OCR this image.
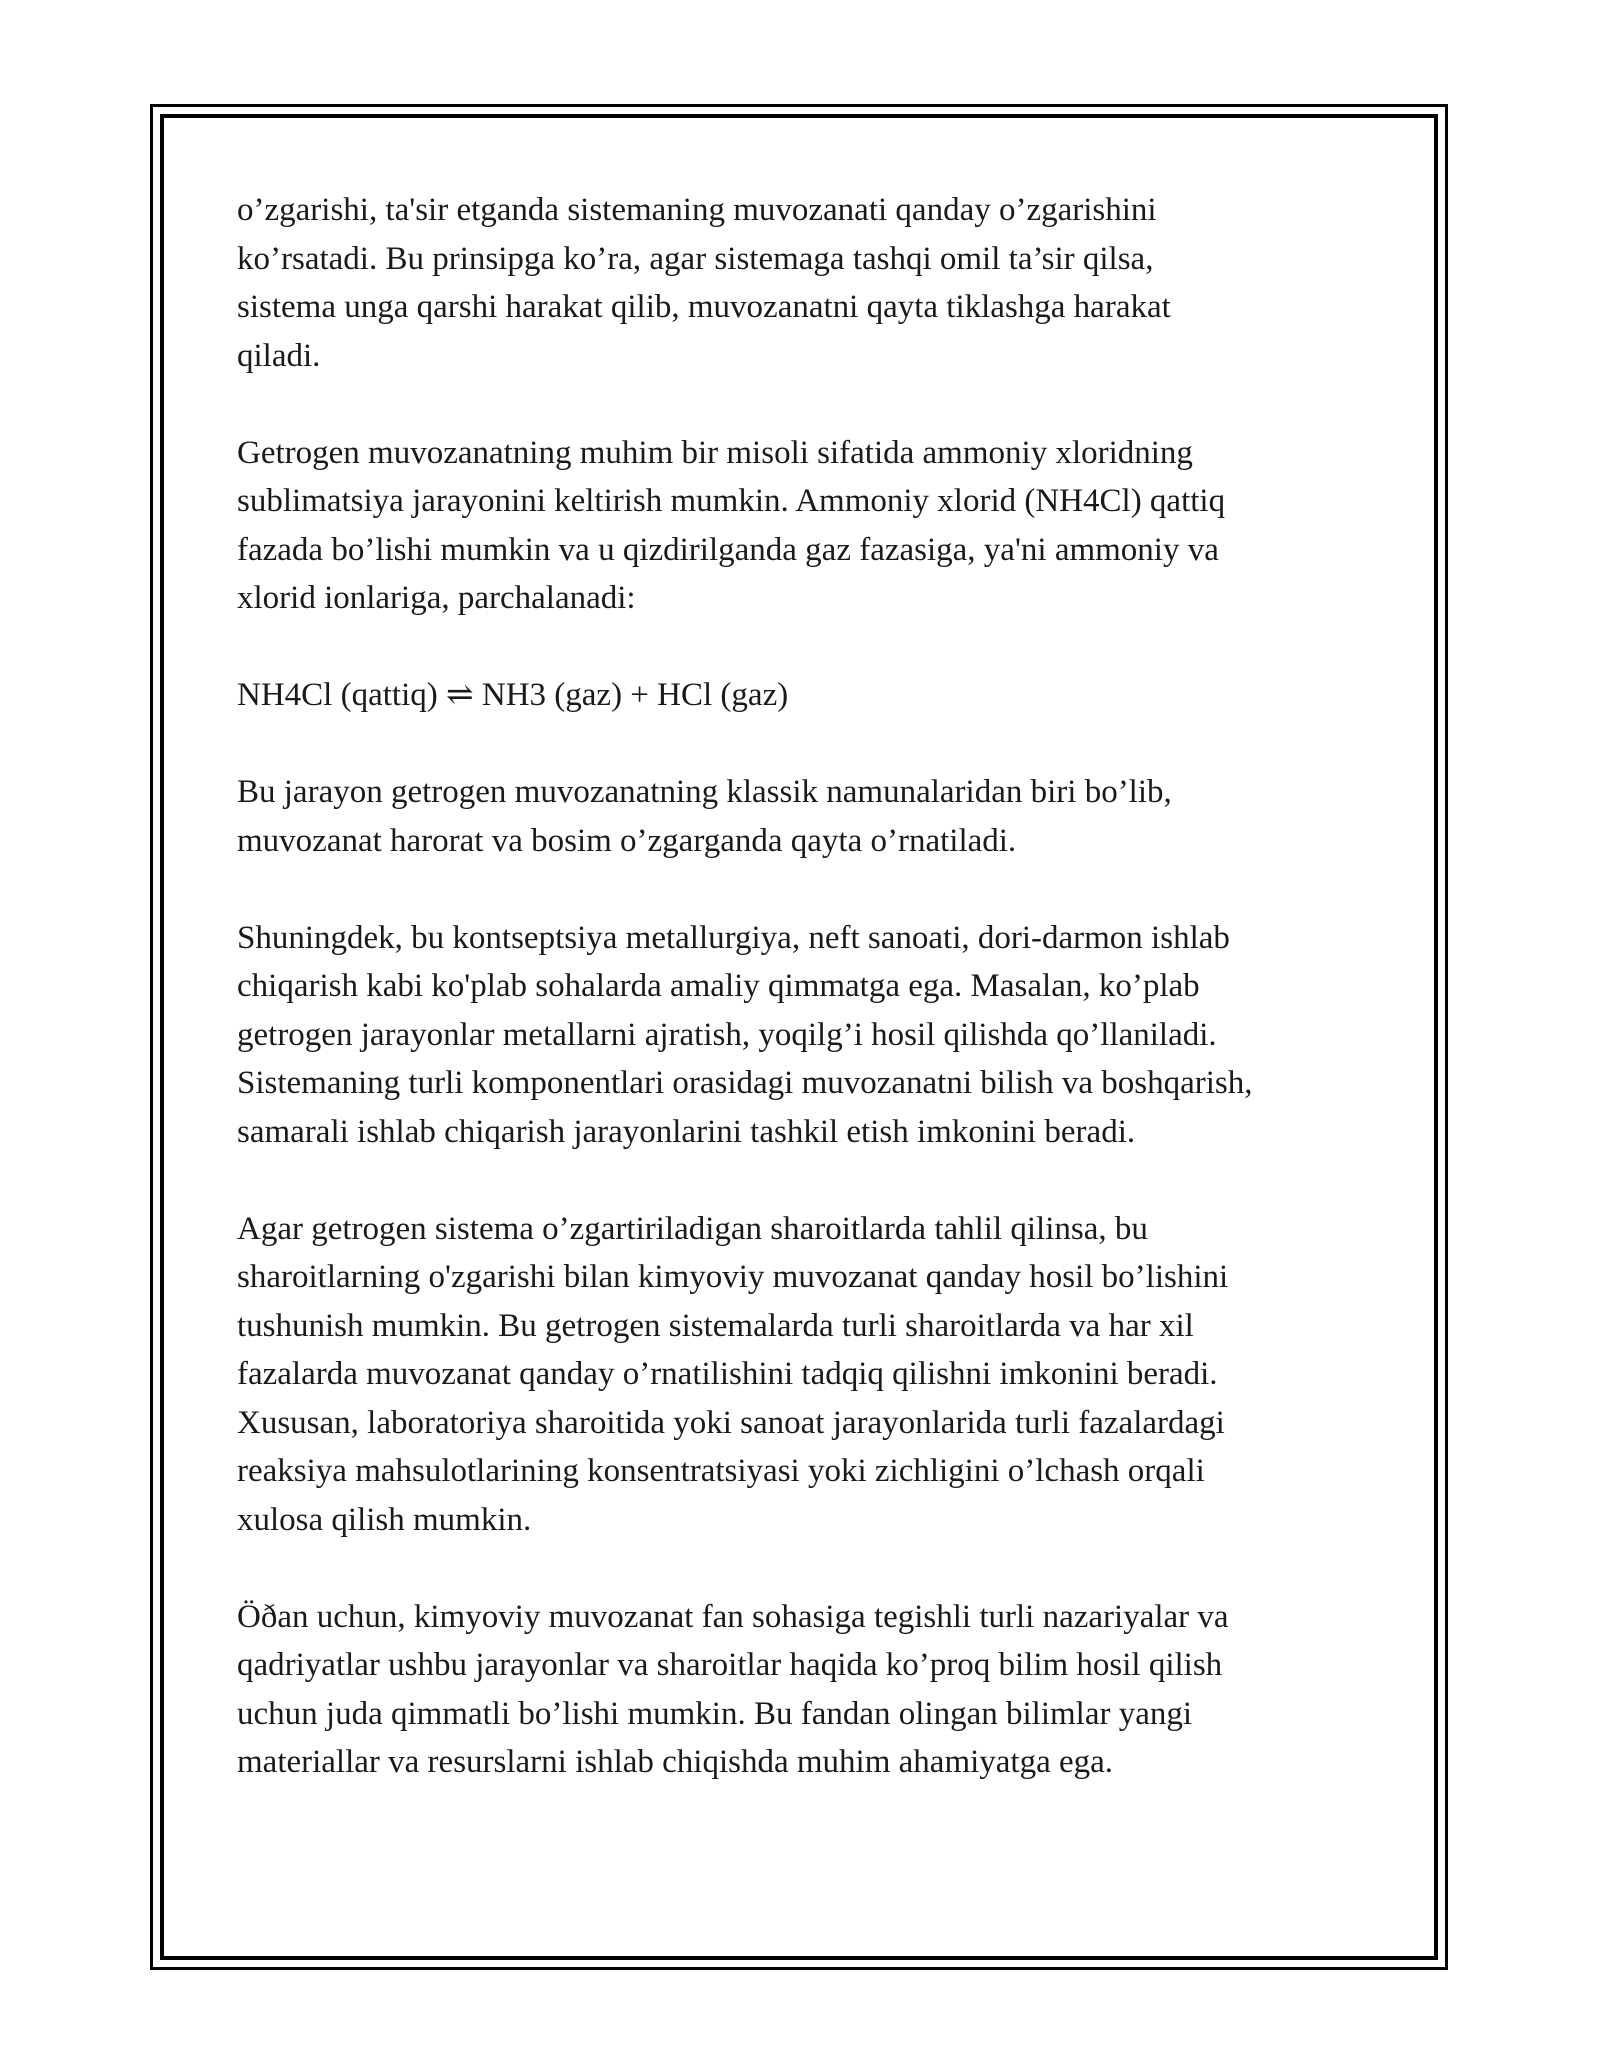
o’zgarishi, ta'sir etganda sistemaning muvozanati qanday o’zgarishini
ko’rsatadi. Bu prinsipga ko’ra, agar sistemaga tashqi omil ta’sir qilsa,
sistema unga qarshi harakat qilib, muvozanatni qayta tiklashga harakat
qiladi.

Getrogen muvozanatning muhim bir misoli sifatida ammoniy xloridning
sublimatsiya jarayonini keltirish mumkin. Ammoniy xlorid (NH4Cl) qattiq
fazada bo’lishi mumkin va u qizdirilganda gaz fazasiga, ya'ni ammoniy va
xlorid ionlariga, parchalanadi:

NH4Cl (qattiq) ⇌ NH3 (gaz) + HCl (gaz)

Bu jarayon getrogen muvozanatning klassik namunalaridan biri bo’lib,
muvozanat harorat va bosim o’zgarganda qayta o’rnatiladi.

Shuningdek, bu kontseptsiya metallurgiya, neft sanoati, dori-darmon ishlab
chiqarish kabi ko'plab sohalarda amaliy qimmatga ega. Masalan, ko’plab
getrogen jarayonlar metallarni ajratish, yoqilg’i hosil qilishda qo’llaniladi.
Sistemaning turli komponentlari orasidagi muvozanatni bilish va boshqarish,
samarali ishlab chiqarish jarayonlarini tashkil etish imkonini beradi.

Agar getrogen sistema o’zgartiriladigan sharoitlarda tahlil qilinsa, bu
sharoitlarning o'zgarishi bilan kimyoviy muvozanat qanday hosil bo’lishini
tushunish mumkin. Bu getrogen sistemalarda turli sharoitlarda va har xil
fazalarda muvozanat qanday o’rnatilishini tadqiq qilishni imkonini beradi.
Xususan, laboratoriya sharoitida yoki sanoat jarayonlarida turli fazalardagi
reaksiya mahsulotlarining konsentratsiyasi yoki zichligini o’lchash orqali
xulosa qilish mumkin.

Öðan uchun, kimyoviy muvozanat fan sohasiga tegishli turli nazariyalar va
qadriyatlar ushbu jarayonlar va sharoitlar haqida ko’proq bilim hosil qilish
uchun juda qimmatli bo’lishi mumkin. Bu fandan olingan bilimlar yangi
materiallar va resurslarni ishlab chiqishda muhim ahamiyatga ega.
